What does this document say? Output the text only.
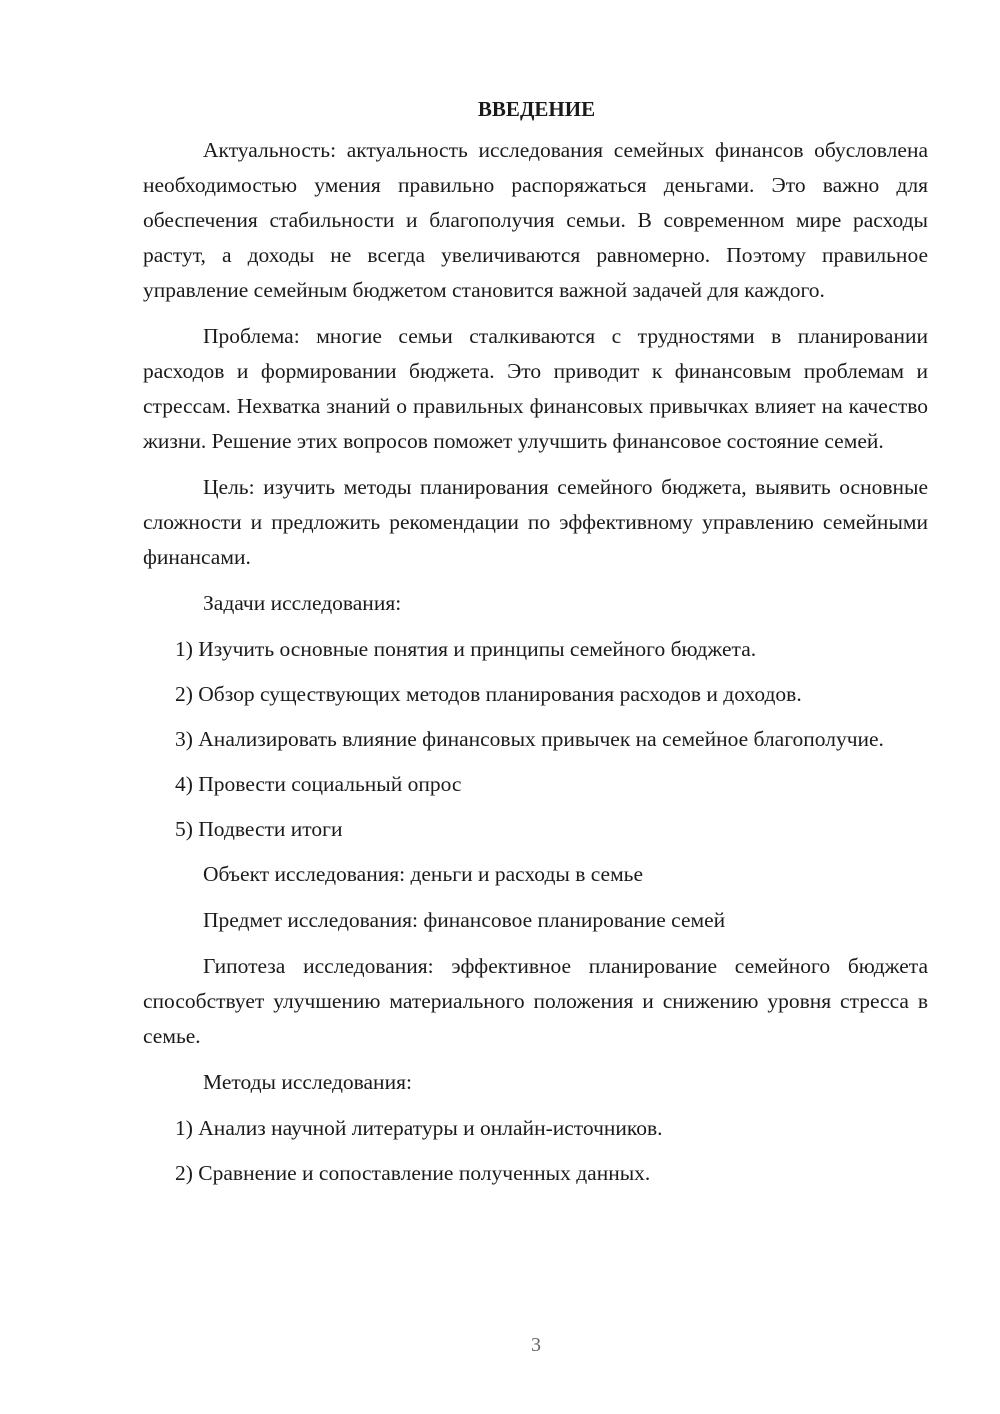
ВВЕДЕНИЕ

Актуальность: актуальность исследования семейных финансов обусловлена необходимостью умения правильно распоряжаться деньгами. Это важно для обеспечения стабильности и благополучия семьи. В современном мире расходы растут, а доходы не всегда увеличиваются равномерно. Поэтому правильное управление семейным бюджетом становится важной задачей для каждого.

Проблема: многие семьи сталкиваются с трудностями в планировании расходов и формировании бюджета. Это приводит к финансовым проблемам и стрессам. Нехватка знаний о правильных финансовых привычках влияет на качество жизни. Решение этих вопросов поможет улучшить финансовое состояние семей.

Цель: изучить методы планирования семейного бюджета, выявить основные сложности и предложить рекомендации по эффективному управлению семейными финансами.

Задачи исследования:

1) Изучить основные понятия и принципы семейного бюджета.

2) Обзор существующих методов планирования расходов и доходов.

3) Анализировать влияние финансовых привычек на семейное благополучие.

4) Провести социальный опрос

5) Подвести итоги

Объект исследования: деньги и расходы в семье

Предмет исследования: финансовое планирование семей

Гипотеза исследования: эффективное планирование семейного бюджета способствует улучшению материального положения и снижению уровня стресса в семье.

Методы исследования:

1) Анализ научной литературы и онлайн-источников.

2) Сравнение и сопоставление полученных данных.

3
